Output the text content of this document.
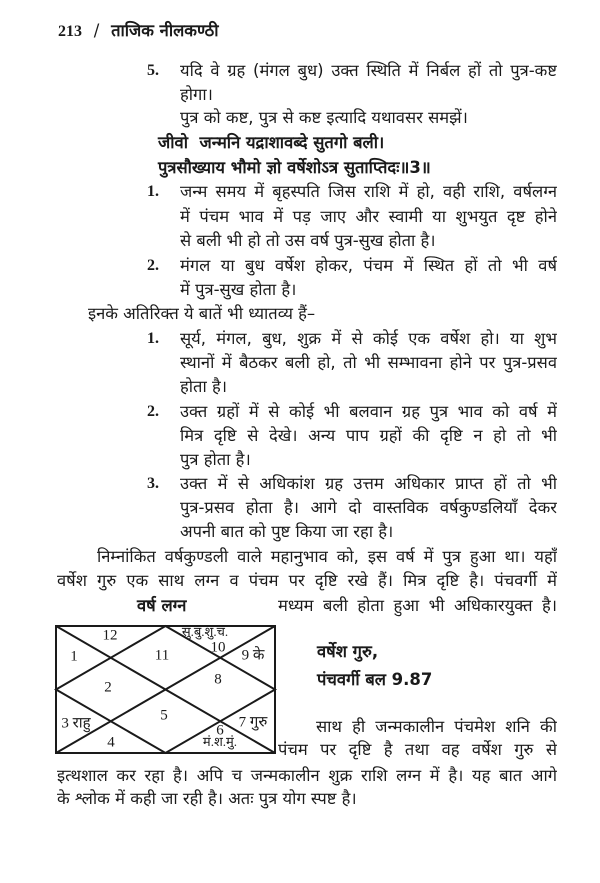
213 / ताजिक नीलकण्ठी
5. यदि वे ग्रह (मंगल बुध) उक्त स्थिति में निर्बल हों तो पुत्र-कष्ट
होगा।
पुत्र को कष्ट, पुत्र से कष्ट इत्यादि यथावसर समझें।
जीवो  जन्मनि यद्राशावब्दे सुतगो बली।
पुत्रसौख्याय भौमो ज्ञो वर्षेशोऽत्र सुताप्तिदः॥3॥
1. जन्म समय में बृहस्पति जिस राशि में हो, वही राशि, वर्षलग्न
में पंचम भाव में पड़ जाए और स्वामी या शुभयुत दृष्ट होने
से बली भी हो तो उस वर्ष पुत्र-सुख होता है।
2. मंगल या बुध वर्षेश होकर, पंचम में स्थित हों तो भी वर्ष
में पुत्र-सुख होता है।
इनके अतिरिक्त ये बातें भी ध्यातव्य हैं–
1. सूर्य, मंगल, बुध, शुक्र में से कोई एक वर्षेश हो। या शुभ
स्थानों में बैठकर बली हो, तो भी सम्भावना होने पर पुत्र-प्रसव
होता है।
2. उक्त ग्रहों में से कोई भी बलवान ग्रह पुत्र भाव को वर्ष में
मित्र दृष्टि से देखे। अन्य पाप ग्रहों की दृष्टि न हो तो भी
पुत्र होता है।
3. उक्त में से अधिकांश ग्रह उत्तम अधिकार प्राप्त हों तो भी
पुत्र-प्रसव होता है। आगे दो वास्तविक वर्षकुण्डलियाँ देकर
अपनी बात को पुष्ट किया जा रहा है।
निम्नांकित वर्षकुण्डली वाले महानुभाव को, इस वर्ष में पुत्र हुआ था। यहाँ
वर्षेश गुरु एक साथ लग्न व पंचम पर दृष्टि रखे हैं। मित्र दृष्टि है। पंचवर्गी में
वर्ष लग्न	मध्यम बली होता हुआ भी अधिकारयुक्त है।
12
1	11
सु.बु.शु.चं.
10 9 के
2	8
3 राहु	5
6 7 गुरु
4	मं.श.मुं.
वर्षेश गुरु,
पंचवर्गी बल 9.87
साथ ही जन्मकालीन पंचमेश शनि की
पंचम पर दृष्टि है तथा वह वर्षेश गुरु से
इत्थशाल कर रहा है। अपि च जन्मकालीन शुक्र राशि लग्न में है। यह बात आगे
के श्लोक में कही जा रही है। अतः पुत्र योग स्पष्ट है।
